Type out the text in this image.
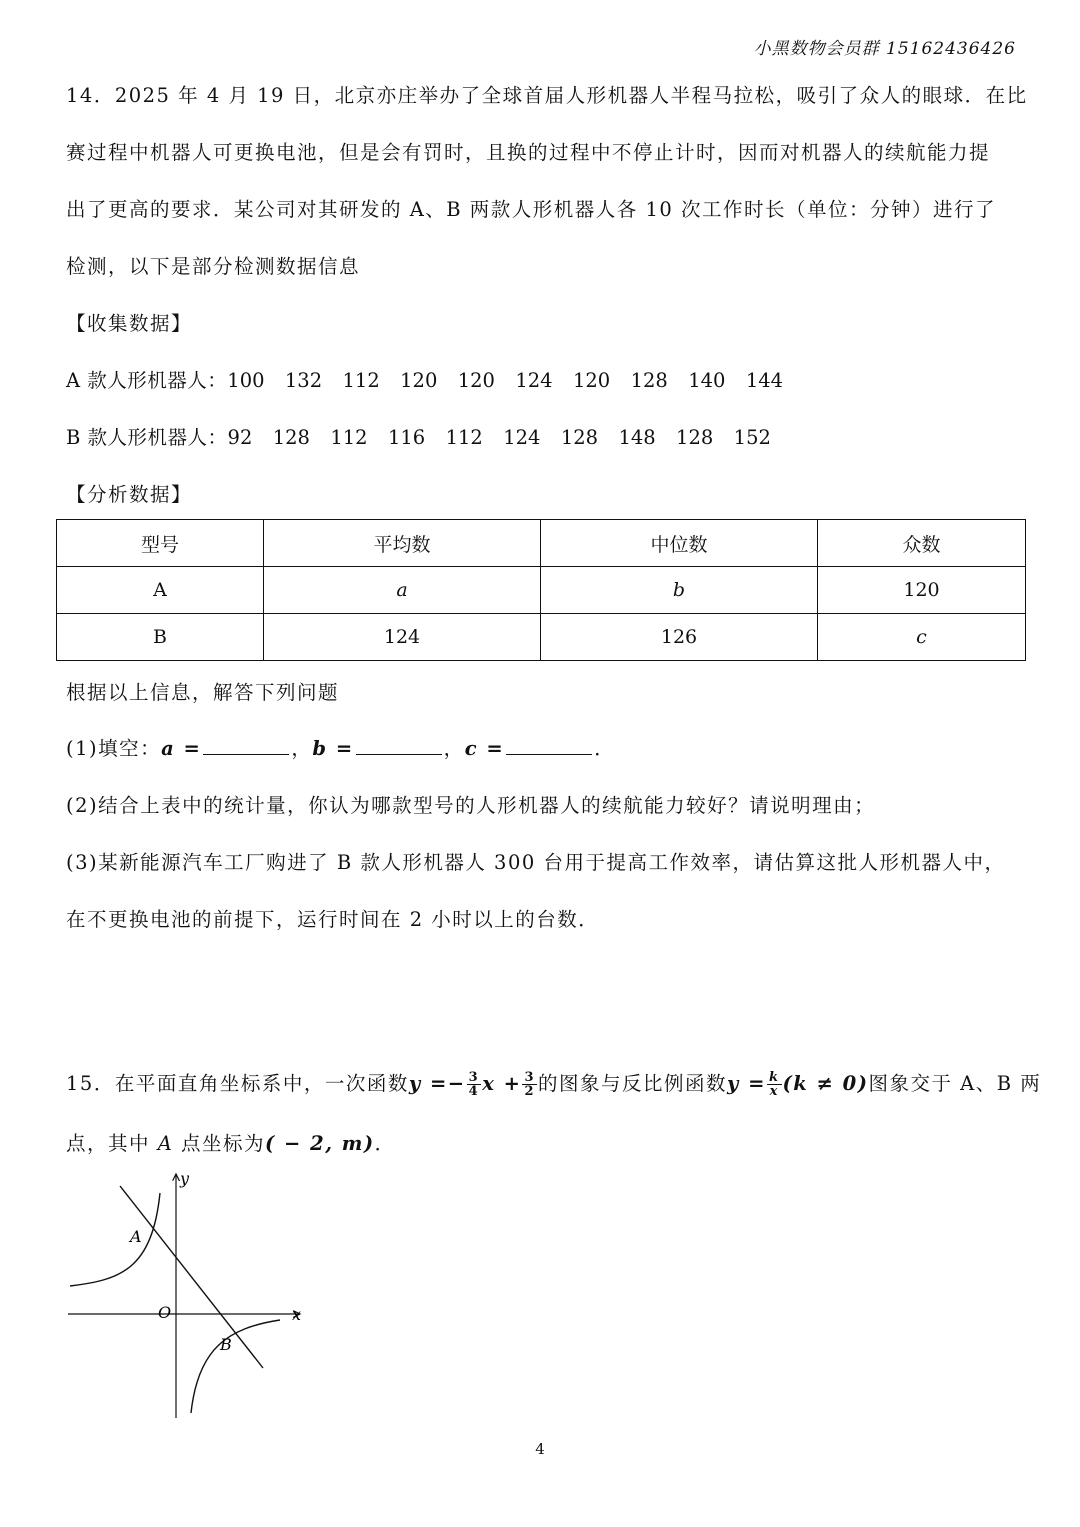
小黑数物会员群 15162436426
14．2025 年 4 月 19 日，北京亦庄举办了全球首届人形机器人半程马拉松，吸引了众人的眼球．在比
赛过程中机器人可更换电池，但是会有罚时，且换的过程中不停止计时，因而对机器人的续航能力提
出了更高的要求．某公司对其研发的 A、B 两款人形机器人各 10 次工作时长（单位：分钟）进行了
检测，以下是部分检测数据信息
【收集数据】
A 款人形机器人：100  132  112  120  120  124  120  128  140  144
B 款人形机器人：92  128  112  116  112  124  128  148  128  152
【分析数据】
型号	平均数	中位数	众数
A	a	b	120
B	124	126	c
根据以上信息，解答下列问题
(1)填空：a =	，b =	，c =	．
(2)结合上表中的统计量，你认为哪款型号的人形机器人的续航能力较好？请说明理由；
(3)某新能源汽车工厂购进了 B 款人形机器人 300 台用于提高工作效率，请估算这批人形机器人中，
在不更换电池的前提下，运行时间在 2 小时以上的台数．
15．在平面直角坐标系中，一次函数$y =- \frac{3}{4}$ $x + \frac{3}{2}$ 的图象与反比例函数$y = \frac{k}{x} (k \ne 0)$图象交于 A、B 两
点，其中 A 点坐标为( − 2, m)．
y
x
O
A
B
4
